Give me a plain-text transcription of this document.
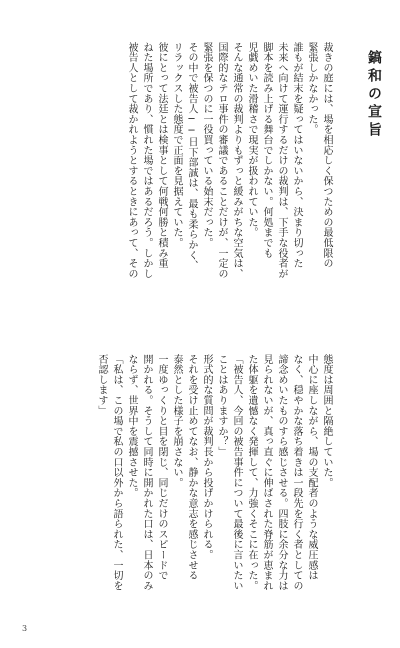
鎬和の宣旨

裁きの庭には、場を相応しく保つための最低限の

緊張しかなかった。

誰もが結末を疑ってはいないから、決まり切った

未来へ向けて運行するだけの裁判は、下手な役者が

脚本を読み上げる舞台でしかない。何処までも

児戯めいた滑稽さで現実が扱われていた。

そんな通常の裁判よりもずっと緩みがちな空気は、

国際的なテロ事件の審議であることだけが、一定の

緊張を保つのに一役買っている始末だった。

その中で被告人──日下部誠は、最も柔らかく、

リラックスした態度で正面を見据えていた。

彼にとって法廷とは検事として何戦何勝と積み重

ねた場所であり、慣れた場ではあるだろう。しかし

被告人として裁かれようとするときにあって、その

態度は周囲と隔絶していた。

中心に座しながら、場の支配者のような威圧感は

なく、穏やかな落ち着きは一段先を行く者としての

諦念めいたものすら感じさせる。四肢に余分な力は

見られないが、真っ直ぐに伸ばされた脊筋が恵まれ

た体躯を遺憾なく発揮して、力強くそこに在った。

「被告人、今回の被告事件について最後に言いたい

ことはありますか？」

形式的な質問が裁判長から投げかけられる。

それを受け止めてなお、静かな意志を感じさせる

泰然とした様子を崩さない。

一度ゆっくりと目を閉じ、同じだけのスピードで

開かれる。そうして同時に開かれた口は、日本のみ

ならず、世界中を震撼させた。

「私は、この場で私の口以外から語られた、一切を

否認します」

3
